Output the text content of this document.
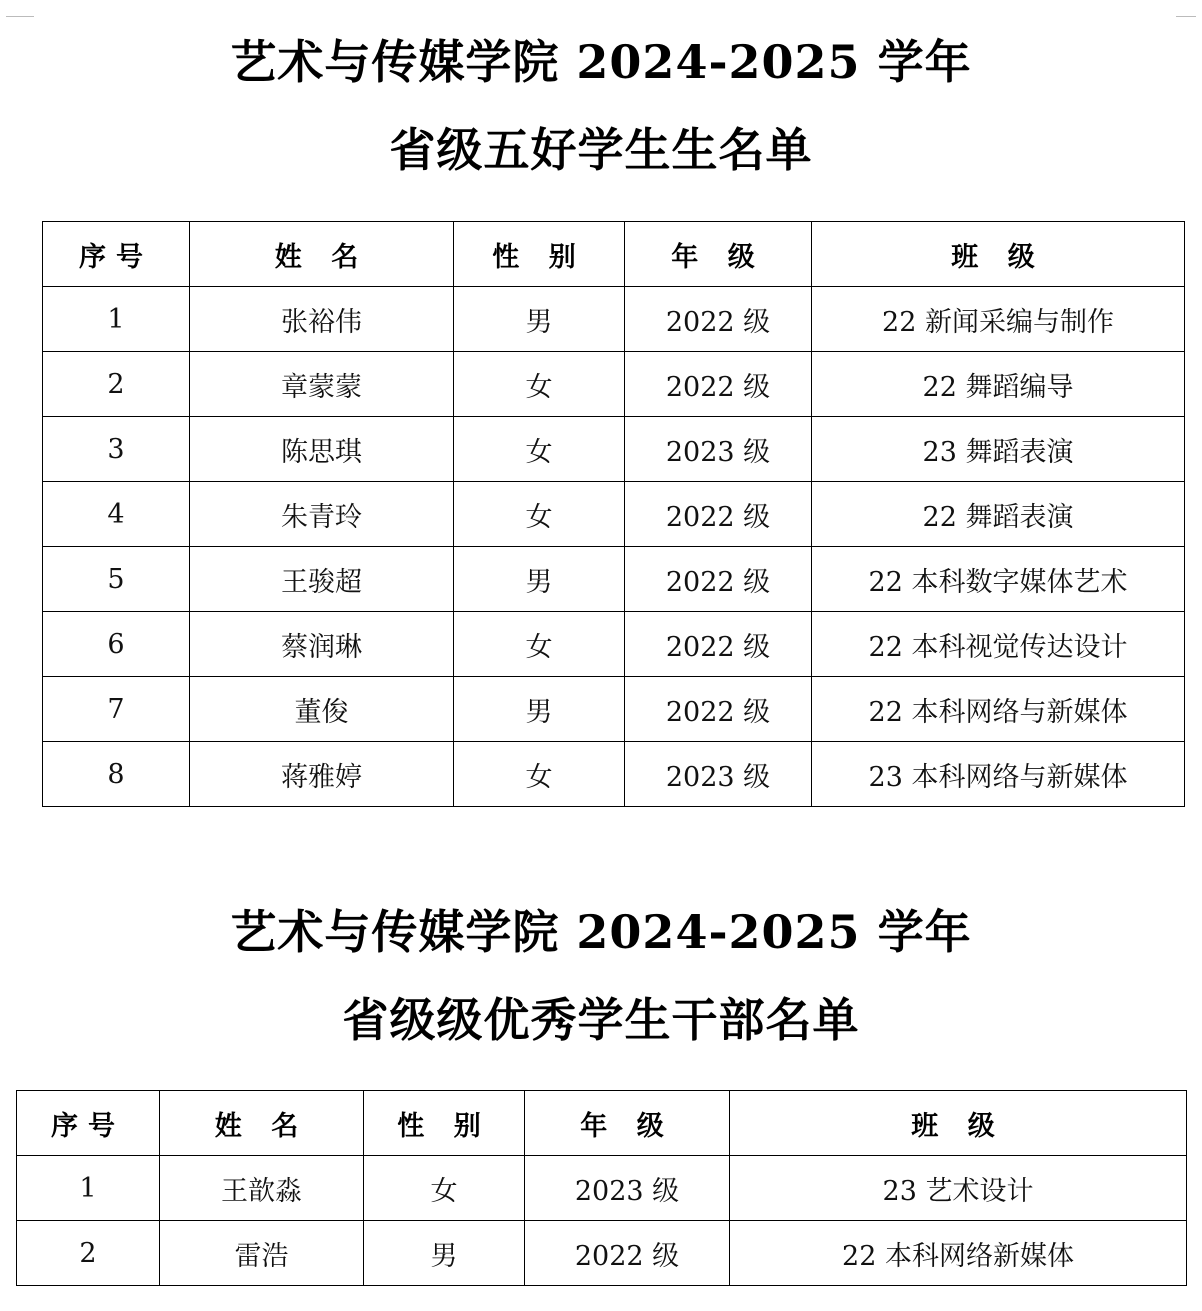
艺术与传媒学院 2024-2025 学年
省级五好学生生名单
序号	姓 名	性 别	年 级	班 级
1	张裕伟	男	2022 级	22 新闻采编与制作
2	章蒙蒙	女	2022 级	22 舞蹈编导
3	陈思琪	女	2023 级	23 舞蹈表演
4	朱青玲	女	2022 级	22 舞蹈表演
5	王骏超	男	2022 级	22 本科数字媒体艺术
6	蔡润琳	女	2022 级	22 本科视觉传达设计
7	董俊	男	2022 级	22 本科网络与新媒体
8	蒋雅婷	女	2023 级	23 本科网络与新媒体
艺术与传媒学院 2024-2025 学年
省级级优秀学生干部名单
序号	姓 名	性 别	年 级	班 级
1	王歆淼	女	2023 级	23 艺术设计
2	雷浩	男	2022 级	22 本科网络新媒体
